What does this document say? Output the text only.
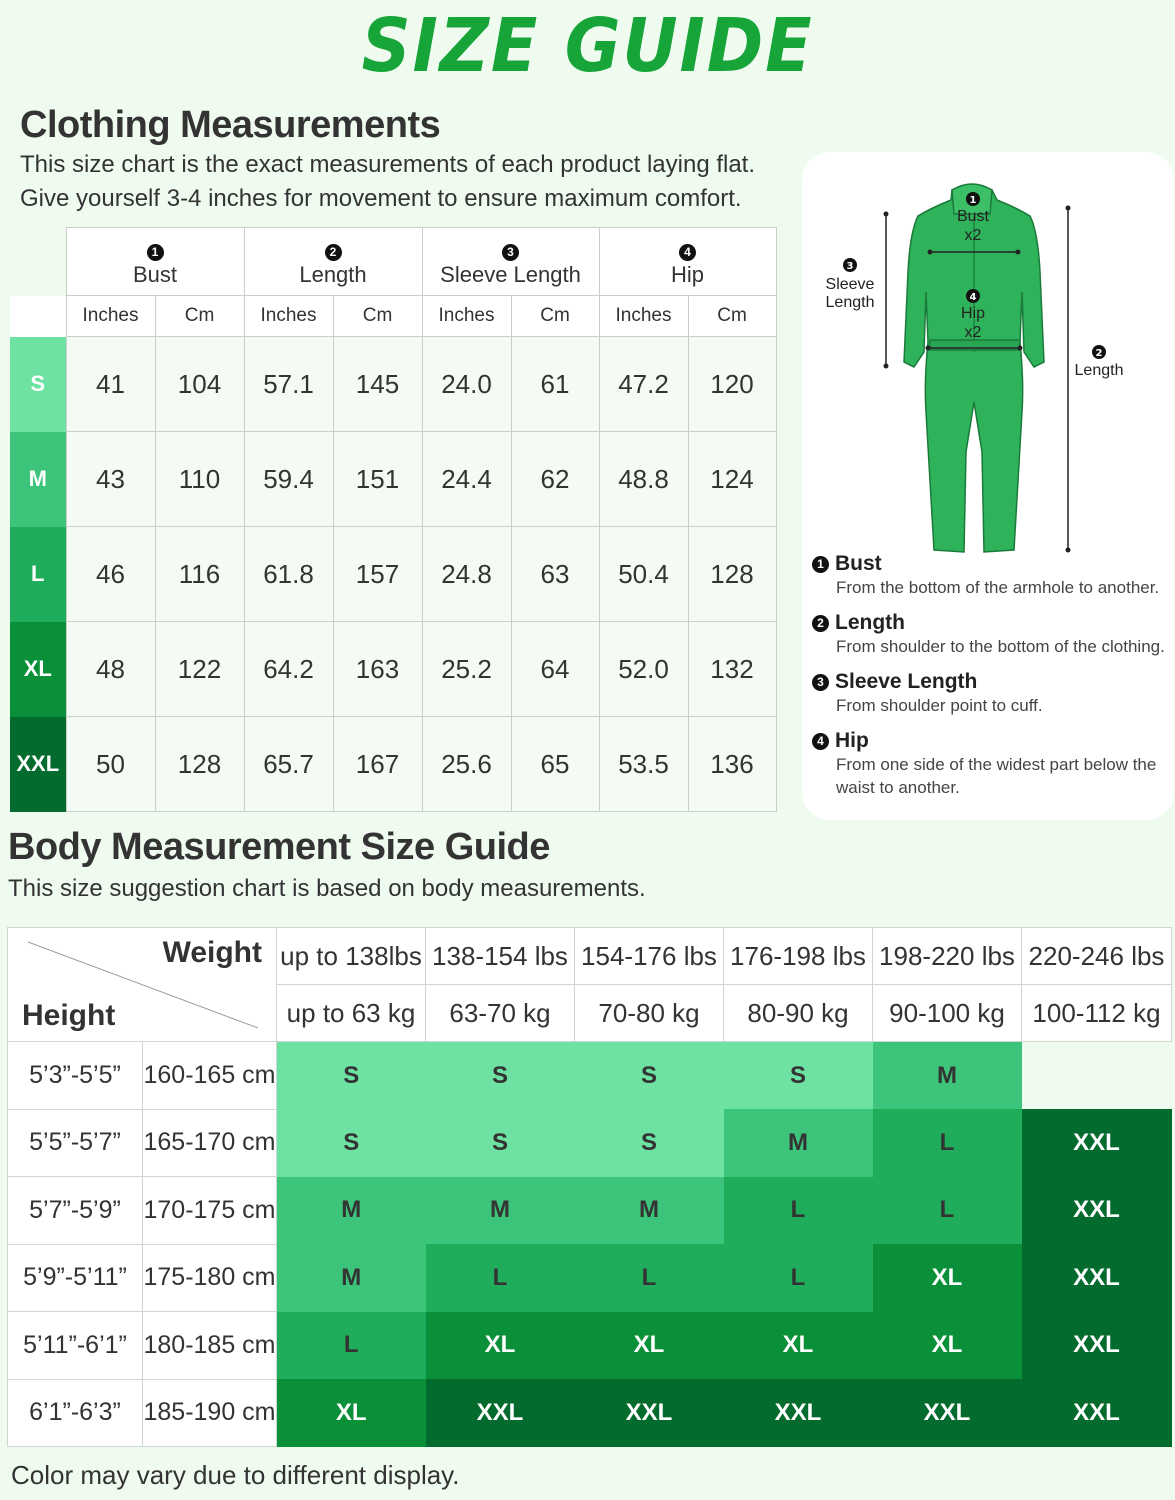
SIZE GUIDE
Clothing Measurements
This size chart is the exact measurements of each product laying flat.
Give yourself 3-4 inches for movement to ensure maximum comfort.
	1
Bust		2
Length		3
Sleeve Length		4
Hip	
	Inches	Cm	Inches	Cm	Inches	Cm	Inches	Cm
S	41	104	57.1	145	24.0	61	47.2	120
M	43	110	59.4	151	24.4	62	48.8	124
L	46	116	61.8	157	24.8	63	50.4	128
XL	48	122	64.2	163	25.2	64	52.0	132
XXL	50	128	65.7	167	25.6	65	53.5	136
1
3
4
2
Bust
x2
Hip
x2
Sleeve
Length
Length
1 Bust
From the bottom of the armhole to another.
2 Length
From shoulder to the bottom of the clothing.
3 Sleeve Length
From shoulder point to cuff.
4 Hip
From one side of the widest part below the waist to another.
Body Measurement Size Guide
This size suggestion chart is based on body measurements.
Weight
Height		up to 138lbs	138-154 lbs	154-176 lbs	176-198 lbs	198-220 lbs	220-246 lbs
		up to 63 kg	63-70 kg	70-80 kg	80-90 kg	90-100 kg	100-112 kg
5’3”-5’5”	160-165 cm	S	S	S	S	M	
5’5”-5’7”	165-170 cm	S	S	S	M	L	XXL
5’7”-5’9”	170-175 cm	M	M	M	L	L	XXL
5’9”-5’11”	175-180 cm	M	L	L	L	XL	XXL
5’11”-6’1”	180-185 cm	L	XL	XL	XL	XL	XXL
6’1”-6’3”	185-190 cm	XL	XXL	XXL	XXL	XXL	XXL
Color may vary due to different display.
